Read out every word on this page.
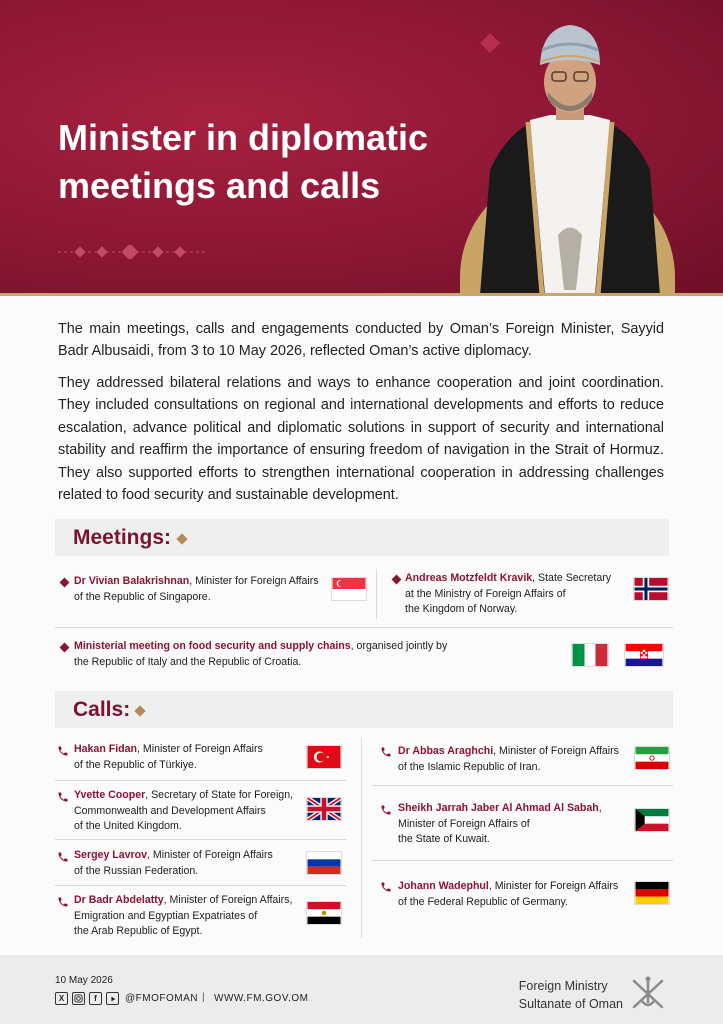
Minister in diplomatic
meetings and calls

The main meetings, calls and engagements conducted by Oman’s Foreign Minister, Sayyid Badr Albusaidi, from 3 to 10 May 2026, reflected Oman’s active diplomacy.

They addressed bilateral relations and ways to enhance cooperation and joint coordination. They included consultations on regional and international developments and efforts to reduce escalation, advance political and diplomatic solutions in support of security and international stability and reaffirm the importance of ensuring freedom of navigation in the Strait of Hormuz. They also supported efforts to strengthen international cooperation in addressing challenges related to food security and sustainable development.

Meetings:
Dr Vivian Balakrishnan, Minister for Foreign Affairs
of the Republic of Singapore.
Andreas Motzfeldt Kravik, State Secretary
at the Ministry of Foreign Affairs of
the Kingdom of Norway.
Ministerial meeting on food security and supply chains, organised jointly by
the Republic of Italy and the Republic of Croatia.
Calls:
Hakan Fidan, Minister of Foreign Affairs
of the Republic of Türkiye.
Yvette Cooper, Secretary of State for Foreign,
Commonwealth and Development Affairs
of the United Kingdom.
Sergey Lavrov, Minister of Foreign Affairs
of the Russian Federation.
Dr Badr Abdelatty, Minister of Foreign Affairs,
Emigration and Egyptian Expatriates of
the Arab Republic of Egypt.
Dr Abbas Araghchi, Minister of Foreign Affairs
of the Islamic Republic of Iran.
Sheikh Jarrah Jaber Al Ahmad Al Sabah,
Minister of Foreign Affairs of
the State of Kuwait.
Johann Wadephul, Minister for Foreign Affairs
of the Federal Republic of Germany.
10 May 2026
X	f	@FMOFOMAN | WWW.FM.GOV.OM
Foreign Ministry
Sultanate of Oman
